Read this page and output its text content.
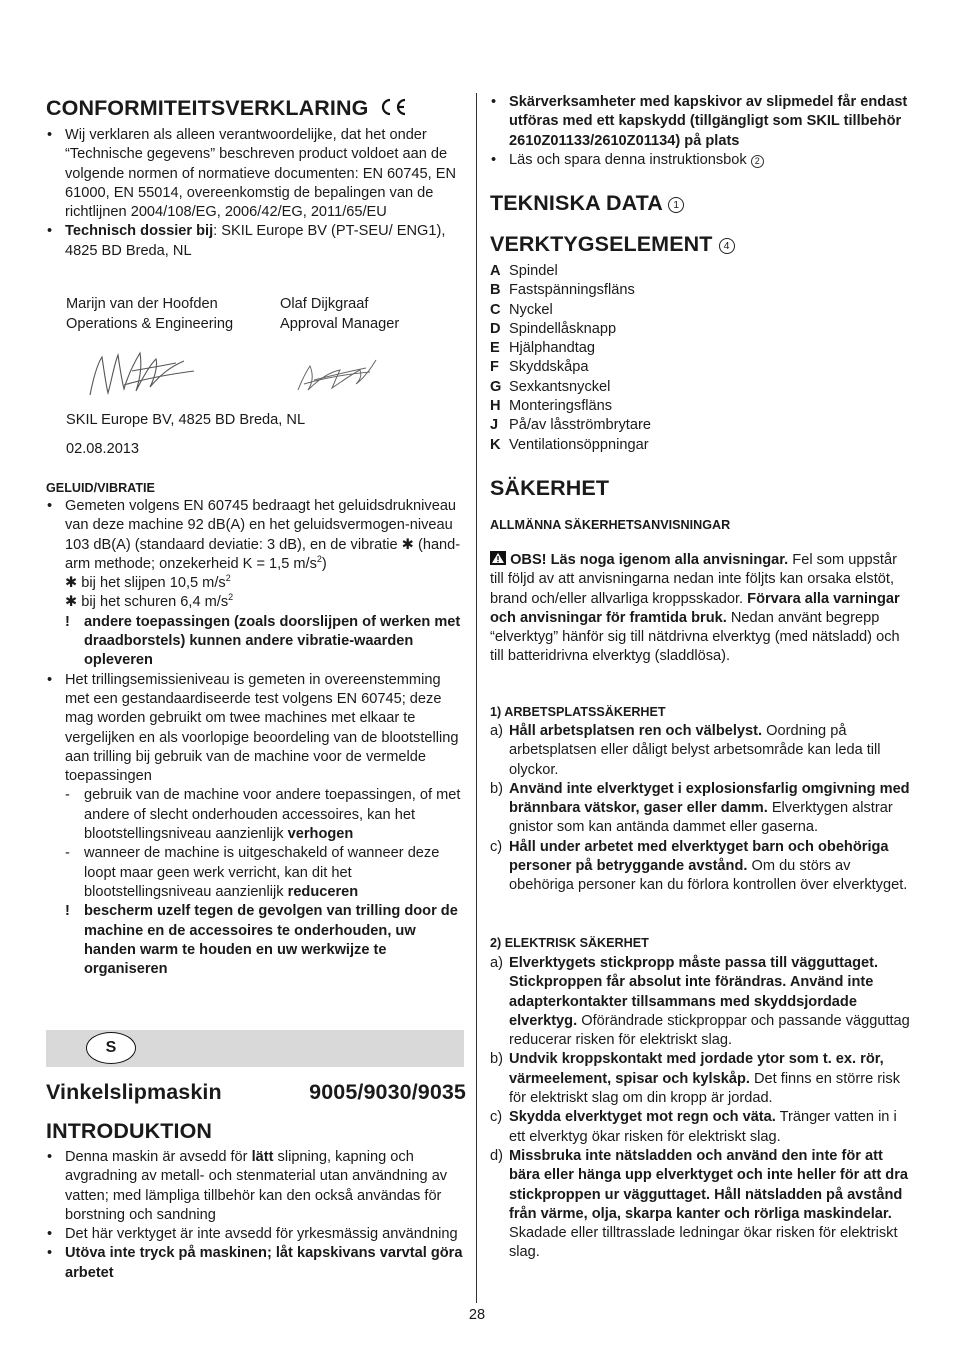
CONFORMITEITSVERKLARING
• Wij verklaren als alleen verantwoordelijke, dat het onder “Technische gegevens” beschreven product voldoet aan de volgende normen of normatieve documenten: EN 60745, EN 61000, EN 55014, overeenkomstig de bepalingen van de richtlijnen 2004/108/EG, 2006/42/EG, 2011/65/EU
• Technisch dossier bij: SKIL Europe BV (PT-SEU/ ENG1), 4825 BD Breda, NL
Marijn van der Hoofden
Operations & Engineering
Olaf Dijkgraaf
Approval Manager
SKIL Europe BV, 4825 BD Breda, NL
02.08.2013
GELUID/VIBRATIE
• Gemeten volgens EN 60745 bedraagt het geluidsdrukniveau van deze machine 92 dB(A) en het geluidsvermogen-niveau 103 dB(A) (standaard deviatie: 3 dB), en de vibratie ✱ (hand-arm methode; onzekerheid K = 1,5 $m/s^2$)
✱ bij het slijpen 10,5 $m/s^2$
✱ bij het schuren 6,4 $m/s^2$
! andere toepassingen (zoals doorslijpen of werken met draadborstels) kunnen andere vibratie-waarden opleveren
• Het trillingsemissieniveau is gemeten in overeenstemming met een gestandaardiseerde test volgens EN 60745; deze mag worden gebruikt om twee machines met elkaar te vergelijken en als voorlopige beoordeling van de blootstelling aan trilling bij gebruik van de machine voor de vermelde toepassingen
- gebruik van de machine voor andere toepassingen, of met andere of slecht onderhouden accessoires, kan het blootstellingsniveau aanzienlijk verhogen
- wanneer de machine is uitgeschakeld of wanneer deze loopt maar geen werk verricht, kan dit het blootstellingsniveau aanzienlijk reduceren
! bescherm uzelf tegen de gevolgen van trilling door de machine en de accessoires te onderhouden, uw handen warm te houden en uw werkwijze te organiseren
S
Vinkelslipmaskin	9005/9030/9035
INTRODUKTION
• Denna maskin är avsedd för lätt slipning, kapning och avgradning av metall- och stenmaterial utan användning av vatten; med lämpliga tillbehör kan den också användas för borstning och sandning
• Det här verktyget är inte avsedd för yrkesmässig användning
• Utöva inte tryck på maskinen; låt kapskivans varvtal göra arbetet
• Skärverksamheter med kapskivor av slipmedel får endast utföras med ett kapskydd (tillgängligt som SKIL tillbehör 2610Z01133/2610Z01134) på plats
• Läs och spara denna instruktionsbok 2
TEKNISKA DATA 1
VERKTYGSELEMENT 4
A Spindel
B Fastspänningsfläns
C Nyckel
D Spindellåsknapp
E Hjälphandtag
F Skyddskåpa
G Sexkantsnyckel
H Monteringsfläns
J På/av låsströmbrytare
K Ventilationsöppningar
SÄKERHET
ALLMÄNNA SÄKERHETSANVISNINGAR

OBS! Läs noga igenom alla anvisningar. Fel som uppstår till följd av att anvisningarna nedan inte följts kan orsaka elstöt, brand och/eller allvarliga kroppsskador. Förvara alla varningar och anvisningar för framtida bruk. Nedan använt begrepp “elverktyg” hänför sig till nätdrivna elverktyg (med nätsladd) och till batteridrivna elverktyg (sladdlösa).

1) ARBETSPLATSSÄKERHET
a) Håll arbetsplatsen ren och välbelyst. Oordning på arbetsplatsen eller dåligt belyst arbetsområde kan leda till olyckor.
b) Använd inte elverktyget i explosionsfarlig omgivning med brännbara vätskor, gaser eller damm. Elverktygen alstrar gnistor som kan antända dammet eller gaserna.
c) Håll under arbetet med elverktyget barn och obehöriga personer på betryggande avstånd. Om du störs av obehöriga personer kan du förlora kontrollen över elverktyget.
2) ELEKTRISK SÄKERHET
a) Elverktygets stickpropp måste passa till vägguttaget. Stickproppen får absolut inte förändras. Använd inte adapterkontakter tillsammans med skyddsjordade elverktyg. Oförändrade stickproppar och passande vägguttag reducerar risken för elektriskt slag.
b) Undvik kroppskontakt med jordade ytor som t. ex. rör, värmeelement, spisar och kylskåp. Det finns en större risk för elektriskt slag om din kropp är jordad.
c) Skydda elverktyget mot regn och väta. Tränger vatten in i ett elverktyg ökar risken för elektriskt slag.
d) Missbruka inte nätsladden och använd den inte för att bära eller hänga upp elverktyget och inte heller för att dra stickproppen ur vägguttaget. Håll nätsladden på avstånd från värme, olja, skarpa kanter och rörliga maskindelar. Skadade eller tilltrasslade ledningar ökar risken för elektriskt slag.
28
